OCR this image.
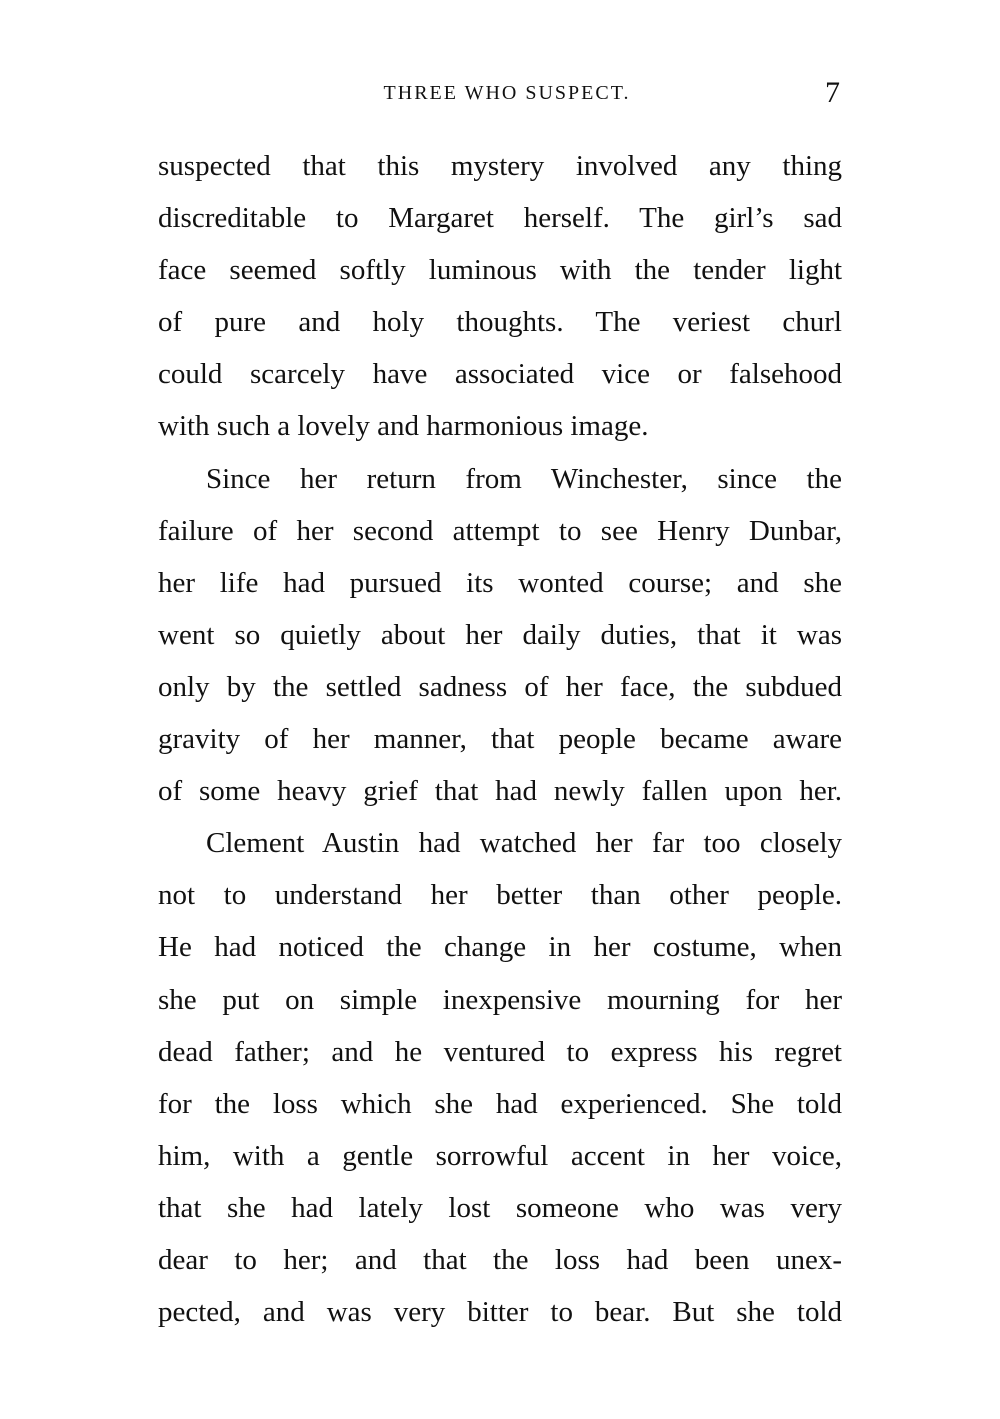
THREE WHO SUSPECT.	7
suspected that this mystery involved any thing
discreditable to Margaret herself. The girl’s sad
face seemed softly luminous with the tender light
of pure and holy thoughts. The veriest churl
could scarcely have associated vice or falsehood
with such a lovely and harmonious image.
Since her return from Winchester, since the
failure of her second attempt to see Henry Dunbar,
her life had pursued its wonted course; and she
went so quietly about her daily duties, that it was
only by the settled sadness of her face, the subdued
gravity of her manner, that people became aware
of some heavy grief that had newly fallen upon her.
Clement Austin had watched her far too closely
not to understand her better than other people.
He had noticed the change in her costume, when
she put on simple inexpensive mourning for her
dead father; and he ventured to express his regret
for the loss which she had experienced. She told
him, with a gentle sorrowful accent in her voice,
that she had lately lost someone who was very
dear to her; and that the loss had been unex-
pected, and was very bitter to bear. But she told
